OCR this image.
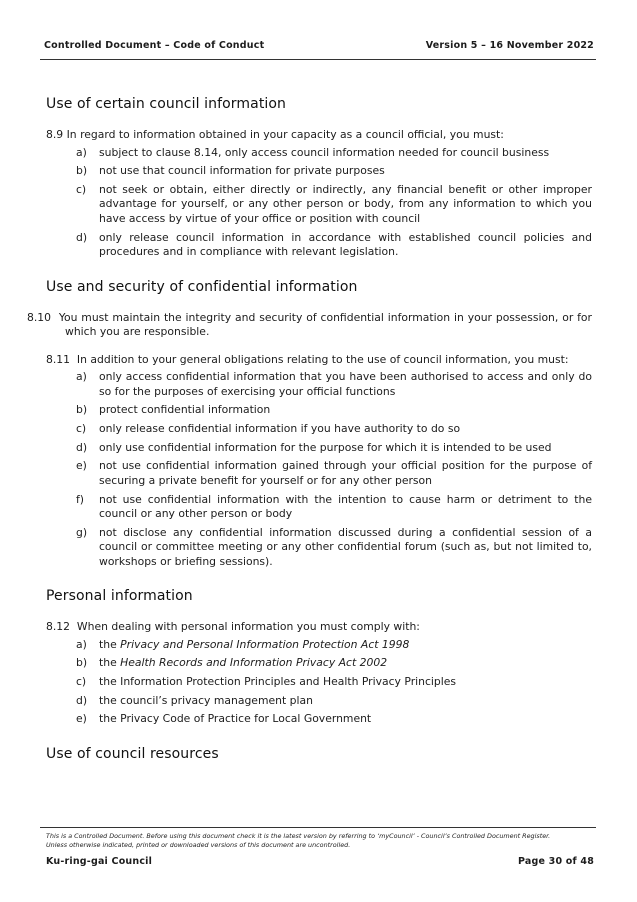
Controlled Document – Code of Conduct	Version 5 – 16 November 2022
Use of certain council information
8.9 In regard to information obtained in your capacity as a council official, you must:
a)	subject to clause 8.14, only access council information needed for council business
b)	not use that council information for private purposes
c)	not seek or obtain, either directly or indirectly, any financial benefit or other improper advantage for yourself, or any other person or body, from any information to which you have access by virtue of your office or position with council
d)	only release council information in accordance with established council policies and procedures and in compliance with relevant legislation.
Use and security of confidential information
8.10 You must maintain the integrity and security of confidential information in your possession, or for which you are responsible.
8.11 In addition to your general obligations relating to the use of council information, you must:
a)	only access confidential information that you have been authorised to access and only do so for the purposes of exercising your official functions
b)	protect confidential information
c)	only release confidential information if you have authority to do so
d)	only use confidential information for the purpose for which it is intended to be used
e)	not use confidential information gained through your official position for the purpose of securing a private benefit for yourself or for any other person
f)	not use confidential information with the intention to cause harm or detriment to the council or any other person or body
g)	not disclose any confidential information discussed during a confidential session of a council or committee meeting or any other confidential forum (such as, but not limited to, workshops or briefing sessions).
Personal information
8.12 When dealing with personal information you must comply with:
a)	the Privacy and Personal Information Protection Act 1998
b)	the Health Records and Information Privacy Act 2002
c)	the Information Protection Principles and Health Privacy Principles
d)	the council’s privacy management plan
e)	the Privacy Code of Practice for Local Government
Use of council resources
This is a Controlled Document. Before using this document check it is the latest version by referring to ‘myCouncil’ - Council’s Controlled Document Register.
Unless otherwise indicated, printed or downloaded versions of this document are uncontrolled.
Ku-ring-gai Council	Page 30 of 48
